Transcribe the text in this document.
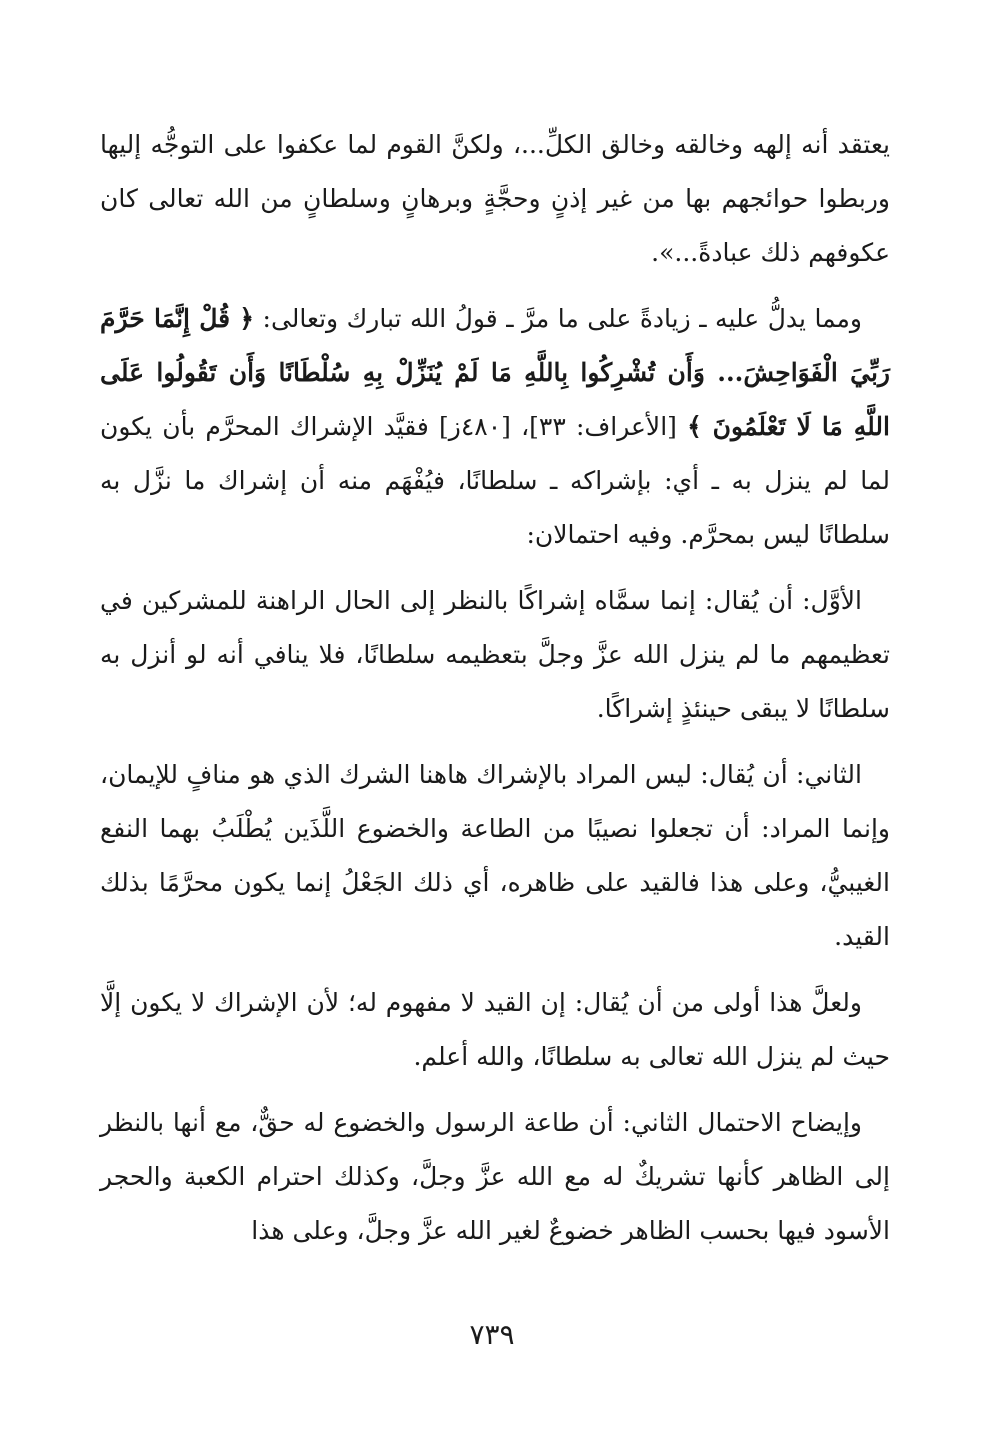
يعتقد أنه إلهه وخالقه وخالق الكلِّ...، ولكنَّ القوم لما عكفوا على التوجُّه إليها وربطوا حوائجهم بها من غير إذنٍ وحجَّةٍ وبرهانٍ وسلطانٍ من الله تعالى كان عكوفهم ذلك عبادةً...».

ومما يدلُّ عليه ـ زيادةً على ما مرَّ ـ قولُ الله تبارك وتعالى: ﴿ قُلْ إِنَّمَا حَرَّمَ رَبِّيَ الْفَوَاحِشَ... وَأَن تُشْرِكُوا بِاللَّهِ مَا لَمْ يُنَزِّلْ بِهِ سُلْطَانًا وَأَن تَقُولُوا عَلَى اللَّهِ مَا لَا تَعْلَمُونَ ﴾ [الأعراف: ٣٣]، [٤٨٠ز] فقيَّد الإشراك المحرَّم بأن يكون لما لم ينزل به ـ أي: بإشراكه ـ سلطانًا، فيُفْهَم منه أن إشراك ما نزَّل به سلطانًا ليس بمحرَّم. وفيه احتمالان:

الأوَّل: أن يُقال: إنما سمَّاه إشراكًا بالنظر إلى الحال الراهنة للمشركين في تعظيمهم ما لم ينزل الله عزَّ وجلَّ بتعظيمه سلطانًا، فلا ينافي أنه لو أنزل به سلطانًا لا يبقى حينئذٍ إشراكًا.

الثاني: أن يُقال: ليس المراد بالإشراك هاهنا الشرك الذي هو منافٍ للإيمان، وإنما المراد: أن تجعلوا نصيبًا من الطاعة والخضوع اللَّذَين يُطْلَبُ بهما النفع الغيبيُّ، وعلى هذا فالقيد على ظاهره، أي ذلك الجَعْلُ إنما يكون محرَّمًا بذلك القيد.

ولعلَّ هذا أولى من أن يُقال: إن القيد لا مفهوم له؛ لأن الإشراك لا يكون إلَّا حيث لم ينزل الله تعالى به سلطانًا، والله أعلم.

وإيضاح الاحتمال الثاني: أن طاعة الرسول والخضوع له حقٌّ، مع أنها بالنظر إلى الظاهر كأنها تشريكٌ له مع الله عزَّ وجلَّ، وكذلك احترام الكعبة والحجر الأسود فيها بحسب الظاهر خضوعٌ لغير الله عزَّ وجلَّ، وعلى هذا

٧٣٩
